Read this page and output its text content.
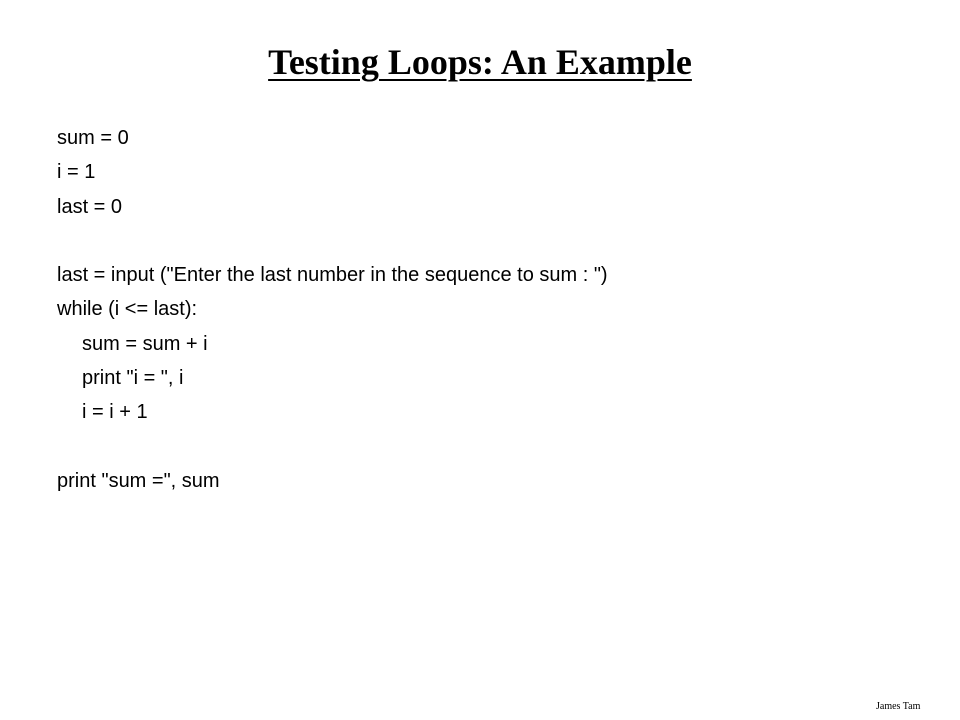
Testing Loops: An Example
sum = 0
i = 1
last = 0
last = input ("Enter the last number in the sequence to sum : ")
while (i <= last):
sum = sum + i
print "i = ", i
i = i + 1
print "sum =", sum
James Tam
